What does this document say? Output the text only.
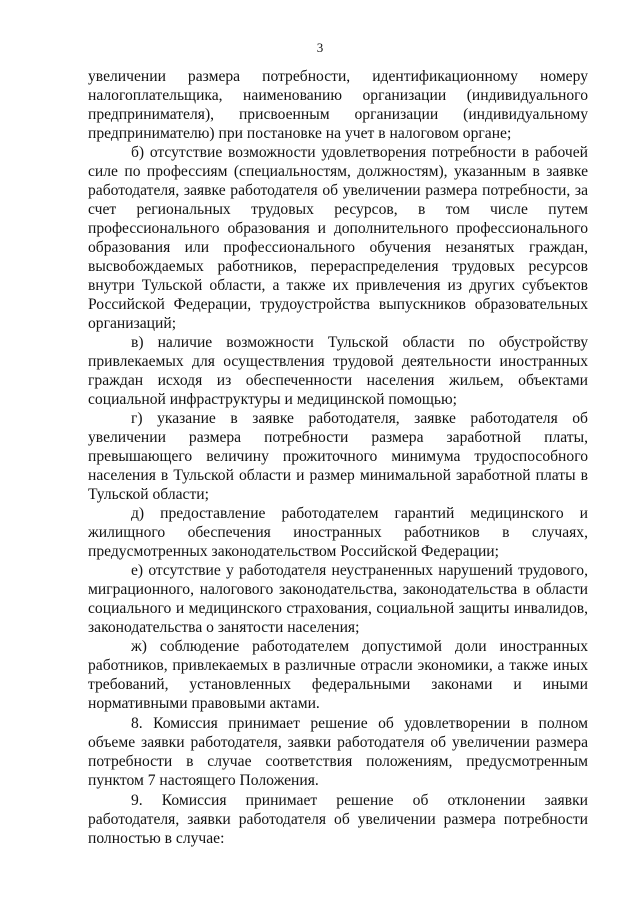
3

увеличении размера потребности, идентификационному номеру налогоплательщика, наименованию организации (индивидуального предпринимателя), присвоенным организации (индивидуальному предпринимателю) при постановке на учет в налоговом органе;

б) отсутствие возможности удовлетворения потребности в рабочей силе по профессиям (специальностям, должностям), указанным в заявке работодателя, заявке работодателя об увеличении размера потребности, за счет региональных трудовых ресурсов, в том числе путем профессионального образования и дополнительного профессионального образования или профессионального обучения незанятых граждан, высвобождаемых работников, перераспределения трудовых ресурсов внутри Тульской области, а также их привлечения из других субъектов Российской Федерации, трудоустройства выпускников образовательных организаций;

в) наличие возможности Тульской области по обустройству привлекаемых для осуществления трудовой деятельности иностранных граждан исходя из обеспеченности населения жильем, объектами социальной инфраструктуры и медицинской помощью;

г) указание в заявке работодателя, заявке работодателя об увеличении размера потребности размера заработной платы, превышающего величину прожиточного минимума трудоспособного населения в Тульской области и размер минимальной заработной платы в Тульской области;

д) предоставление работодателем гарантий медицинского и жилищного обеспечения иностранных работников в случаях, предусмотренных законодательством Российской Федерации;

е) отсутствие у работодателя неустраненных нарушений трудового, миграционного, налогового законодательства, законодательства в области социального и медицинского страхования, социальной защиты инвалидов, законодательства о занятости населения;

ж) соблюдение работодателем допустимой доли иностранных работников, привлекаемых в различные отрасли экономики, а также иных требований, установленных федеральными законами и иными нормативными правовыми актами.

8. Комиссия принимает решение об удовлетворении в полном объеме заявки работодателя, заявки работодателя об увеличении размера потребности в случае соответствия положениям, предусмотренным пунктом 7 настоящего Положения.

9. Комиссия принимает решение об отклонении заявки работодателя, заявки работодателя об увеличении размера потребности полностью в случае:
